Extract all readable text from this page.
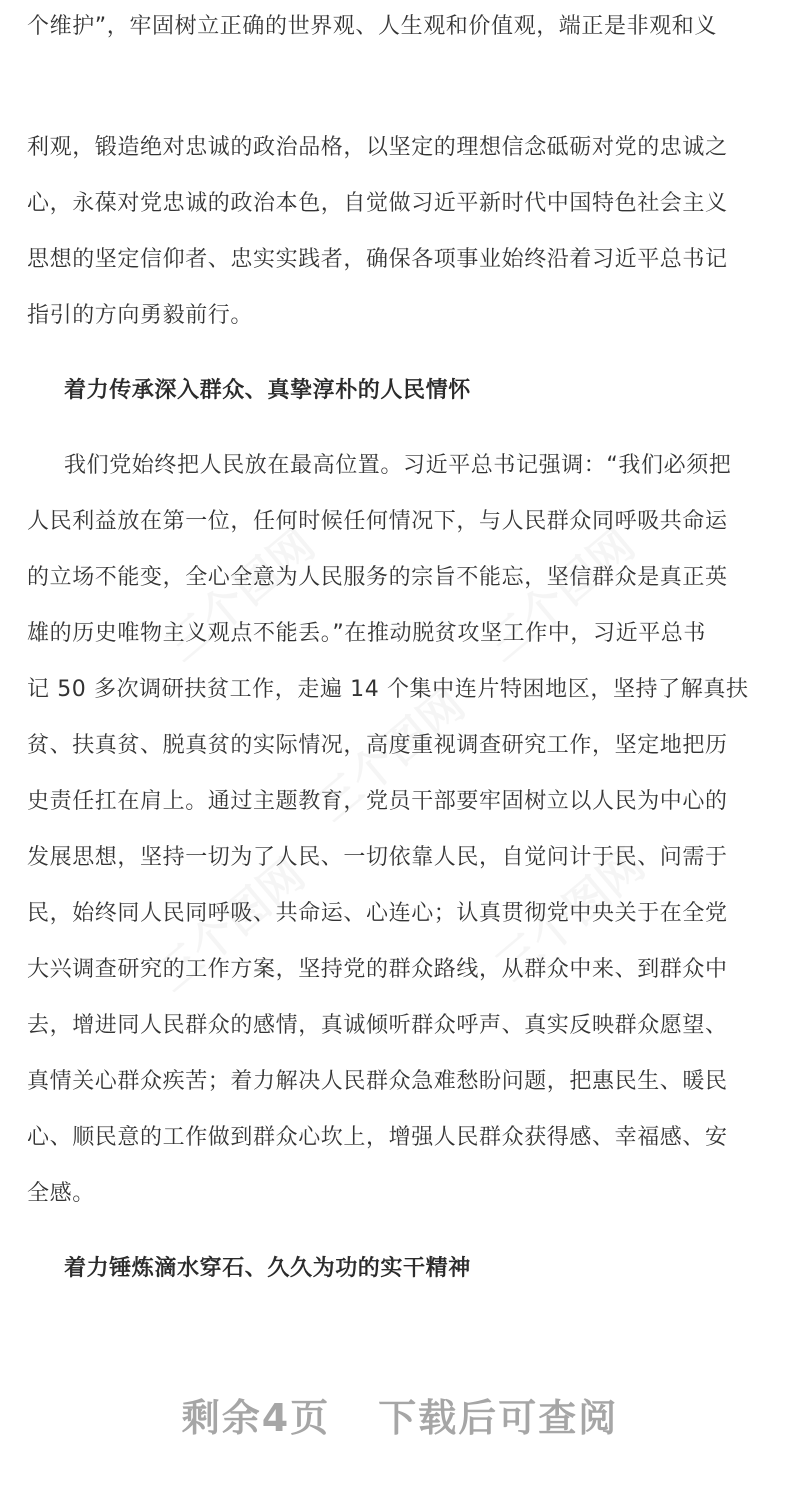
个维护”，牢固树立正确的世界观、人生观和价值观，端正是非观和义
利观，锻造绝对忠诚的政治品格，以坚定的理想信念砥砺对党的忠诚之
心，永葆对党忠诚的政治本色，自觉做习近平新时代中国特色社会主义
思想的坚定信仰者、忠实实践者，确保各项事业始终沿着习近平总书记
指引的方向勇毅前行。
着力传承深入群众、真挚淳朴的人民情怀
我们党始终把人民放在最高位置。习近平总书记强调：“我们必须把
人民利益放在第一位，任何时候任何情况下，与人民群众同呼吸共命运
的立场不能变，全心全意为人民服务的宗旨不能忘，坚信群众是真正英
雄的历史唯物主义观点不能丢。”在推动脱贫攻坚工作中，习近平总书
记 50 多次调研扶贫工作，走遍 14 个集中连片特困地区，坚持了解真扶
贫、扶真贫、脱真贫的实际情况，高度重视调查研究工作，坚定地把历
史责任扛在肩上。通过主题教育，党员干部要牢固树立以人民为中心的
发展思想，坚持一切为了人民、一切依靠人民，自觉问计于民、问需于
民，始终同人民同呼吸、共命运、心连心；认真贯彻党中央关于在全党
大兴调查研究的工作方案，坚持党的群众路线，从群众中来、到群众中
去，增进同人民群众的感情，真诚倾听群众呼声、真实反映群众愿望、
真情关心群众疾苦；着力解决人民群众急难愁盼问题，把惠民生、暖民
心、顺民意的工作做到群众心坎上，增强人民群众获得感、幸福感、安
全感。
着力锤炼滴水穿石、久久为功的实干精神
剩余4页 下载后可查阅
